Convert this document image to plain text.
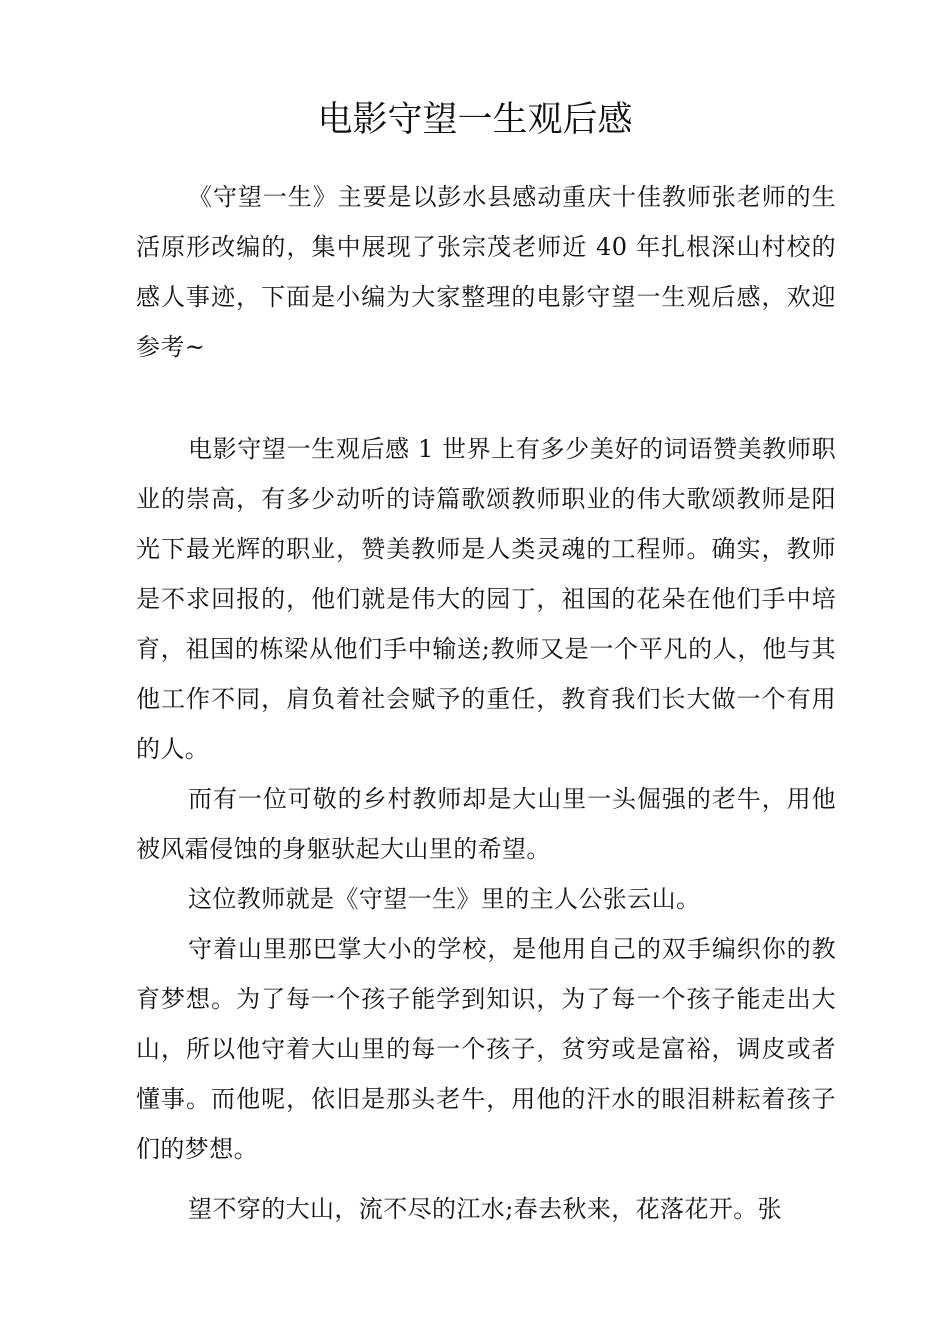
电影守望一生观后感

《守望一生》主要是以彭水县感动重庆十佳教师张老师的生活原形改编的，集中展现了张宗茂老师近 40 年扎根深山村校的感人事迹，下面是小编为大家整理的电影守望一生观后感，欢迎参考~

电影守望一生观后感 1 世界上有多少美好的词语赞美教师职业的崇高，有多少动听的诗篇歌颂教师职业的伟大歌颂教师是阳光下最光辉的职业，赞美教师是人类灵魂的工程师。确实，教师是不求回报的，他们就是伟大的园丁，祖国的花朵在他们手中培育，祖国的栋梁从他们手中输送;教师又是一个平凡的人，他与其他工作不同，肩负着社会赋予的重任，教育我们长大做一个有用的人。

而有一位可敬的乡村教师却是大山里一头倔强的老牛，用他被风霜侵蚀的身躯驮起大山里的希望。

这位教师就是《守望一生》里的主人公张云山。

守着山里那巴掌大小的学校，是他用自己的双手编织你的教育梦想。为了每一个孩子能学到知识，为了每一个孩子能走出大山，所以他守着大山里的每一个孩子，贫穷或是富裕，调皮或者懂事。而他呢，依旧是那头老牛，用他的汗水的眼泪耕耘着孩子们的梦想。

望不穿的大山，流不尽的江水;春去秋来，花落花开。张
